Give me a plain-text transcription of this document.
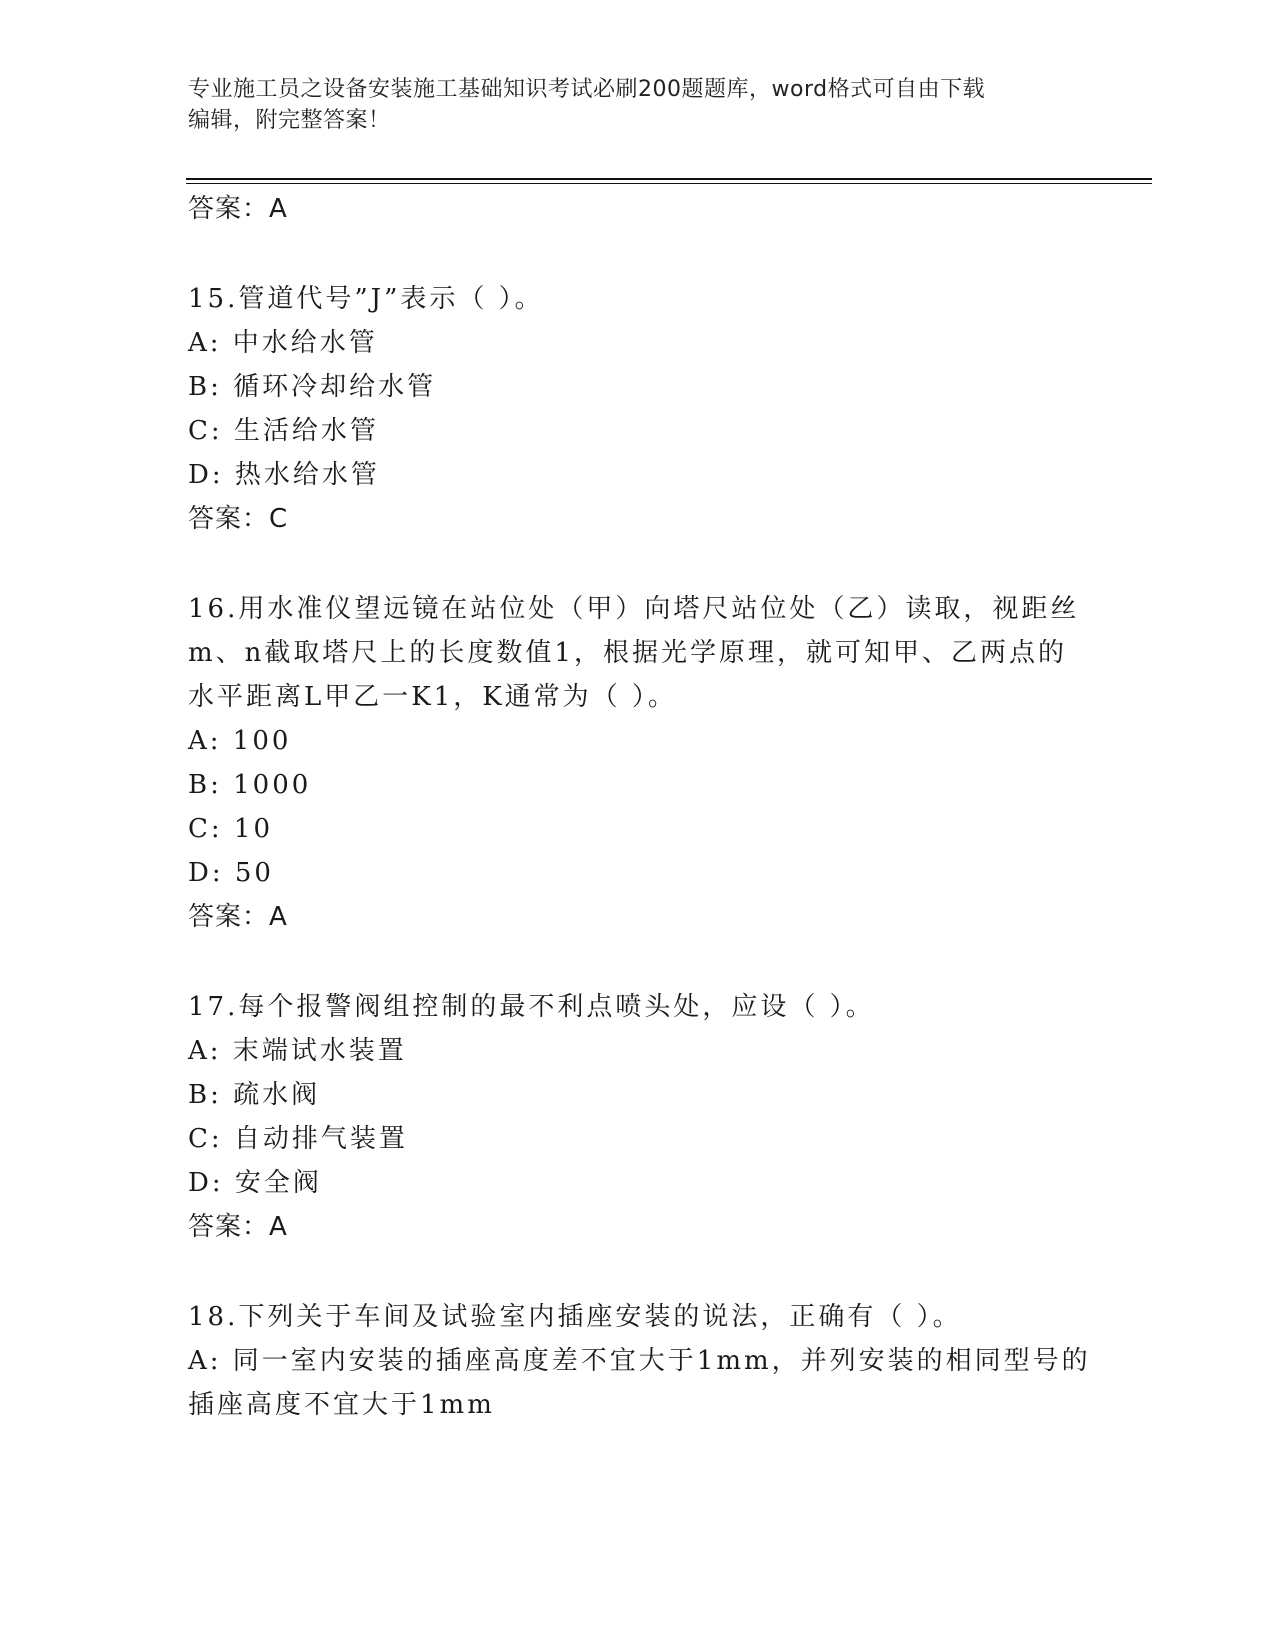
专业施工员之设备安装施工基础知识考试必刷200题题库，word格式可自由下载
编辑，附完整答案！
答案：A
15.管道代号”J”表示（ ）。
A: 中水给水管
B: 循环冷却给水管
C: 生活给水管
D: 热水给水管
答案：C
16.用水准仪望远镜在站位处（甲）向塔尺站位处（乙）读取，视距丝
m、n截取塔尺上的长度数值1，根据光学原理，就可知甲、乙两点的
水平距离L甲乙一K1，K通常为（ ）。
A: 100
B: 1000
C: 10
D: 50
答案：A
17.每个报警阀组控制的最不利点喷头处，应设（ ）。
A: 末端试水装置
B: 疏水阀
C: 自动排气装置
D: 安全阀
答案：A
18.下列关于车间及试验室内插座安装的说法，正确有（ ）。
A: 同一室内安装的插座高度差不宜大于1mm，并列安装的相同型号的
插座高度不宜大于1mm
